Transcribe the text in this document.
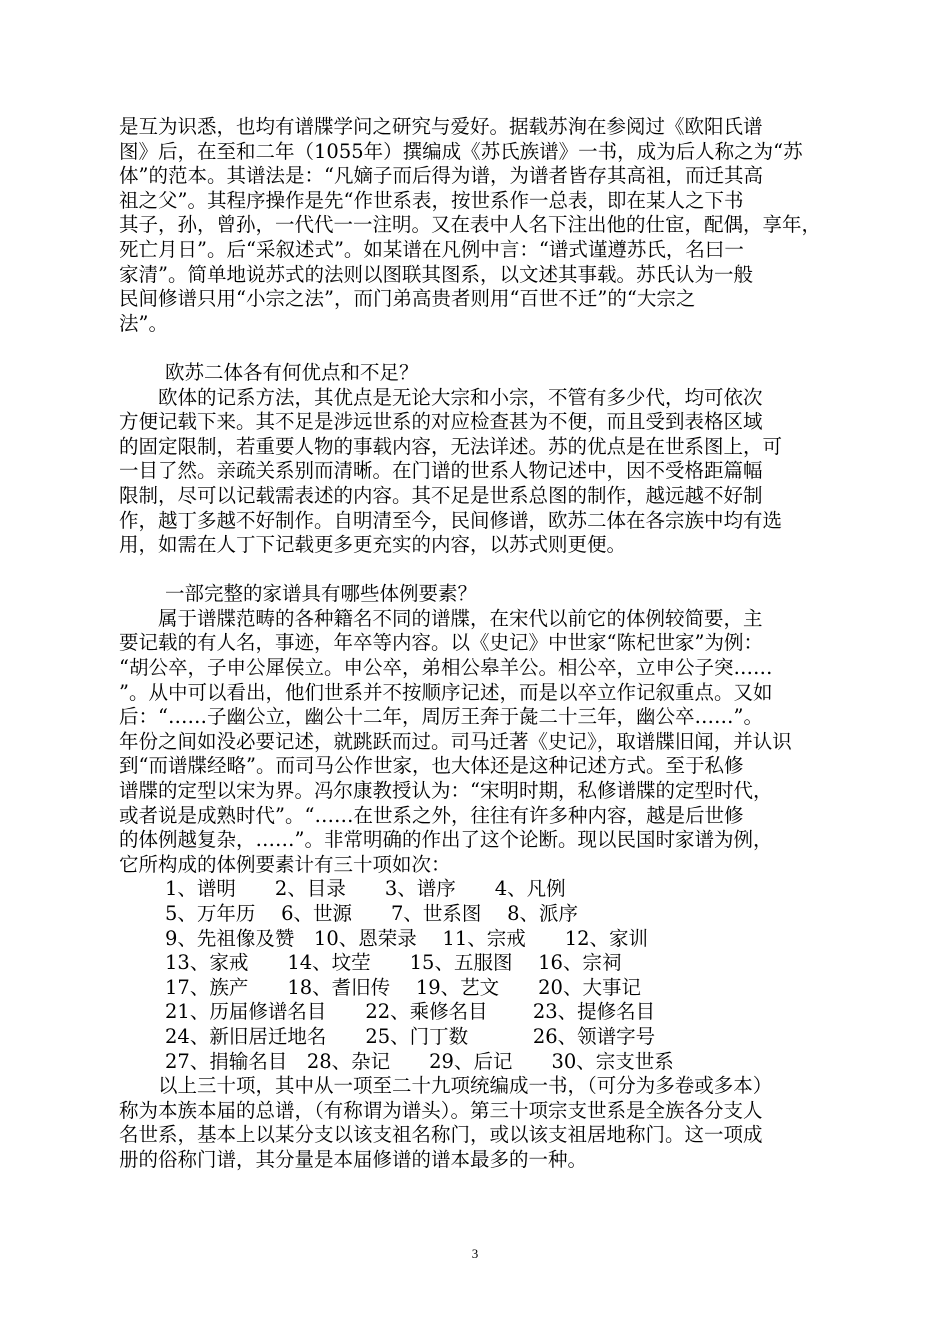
是互为识悉，也均有谱牒学问之研究与爱好。据载苏洵在参阅过《欧阳氏谱
图》后，在至和二年（1055年）撰编成《苏氏族谱》一书，成为后人称之为“苏
体”的范本。其谱法是：“凡嫡子而后得为谱，为谱者皆存其高祖，而迁其高
祖之父”。其程序操作是先“作世系表，按世系作一总表，即在某人之下书
其子，孙，曾孙，一代代一一注明。又在表中人名下注出他的仕宦，配偶，享年，
死亡月日”。后“采叙述式”。如某谱在凡例中言：“谱式谨遵苏氏，名曰一
家清”。简单地说苏式的法则以图联其图系，以文述其事载。苏氏认为一般
民间修谱只用“小宗之法”，而门弟高贵者则用“百世不迁”的“大宗之
法”。
欧苏二体各有何优点和不足？
欧体的记系方法，其优点是无论大宗和小宗，不管有多少代，均可依次
方便记载下来。其不足是涉远世系的对应检查甚为不便，而且受到表格区域
的固定限制，若重要人物的事载内容，无法详述。苏的优点是在世系图上，可
一目了然。亲疏关系别而清晰。在门谱的世系人物记述中，因不受格距篇幅
限制，尽可以记载需表述的内容。其不足是世系总图的制作，越远越不好制
作，越丁多越不好制作。自明清至今，民间修谱，欧苏二体在各宗族中均有选
用，如需在人丁下记载更多更充实的内容，以苏式则更便。
一部完整的家谱具有哪些体例要素？
属于谱牒范畴的各种籍名不同的谱牒，在宋代以前它的体例较简要，主
要记载的有人名，事迹，年卒等内容。以《史记》中世家“陈杞世家”为例：
“胡公卒，子申公犀侯立。申公卒，弟相公皋羊公。相公卒，立申公子突……
”。从中可以看出，他们世系并不按顺序记述，而是以卒立作记叙重点。又如
后：“……子幽公立，幽公十二年，周厉王奔于彘二十三年，幽公卒……”。
年份之间如没必要记述，就跳跃而过。司马迁著《史记》，取谱牒旧闻，并认识
到“而谱牒经略”。而司马公作世家，也大体还是这种记述方式。至于私修
谱牒的定型以宋为界。冯尔康教授认为：“宋明时期，私修谱牒的定型时代，
或者说是成熟时代”。“……在世系之外，往往有许多种内容，越是后世修
的体例越复杂，……”。非常明确的作出了这个论断。现以民国时家谱为例，
它所构成的体例要素计有三十项如次：
1、谱明　　2、目录　　3、谱序　　4、凡例
5、万年历　 6、世源　　7、世系图　 8、派序
9、先祖像及赞　10、恩荣录　 11、宗戒　　12、家训
13、家戒　　14、坟茔　　15、五服图　 16、宗祠
17、族产　　18、耆旧传　 19、艺文　　20、大事记
21、历届修谱名目　　22、乘修名目　　 23、提修名目
24、新旧居迁地名　　25、门丁数　　　 26、领谱字号
27、捐输名目　28、杂记　　29、后记　　30、宗支世系
以上三十项，其中从一项至二十九项统编成一书，（可分为多卷或多本）
称为本族本届的总谱，（有称谓为谱头）。第三十项宗支世系是全族各分支人
名世系，基本上以某分支以该支祖名称门，或以该支祖居地称门。这一项成
册的俗称门谱，其分量是本届修谱的谱本最多的一种。
3
